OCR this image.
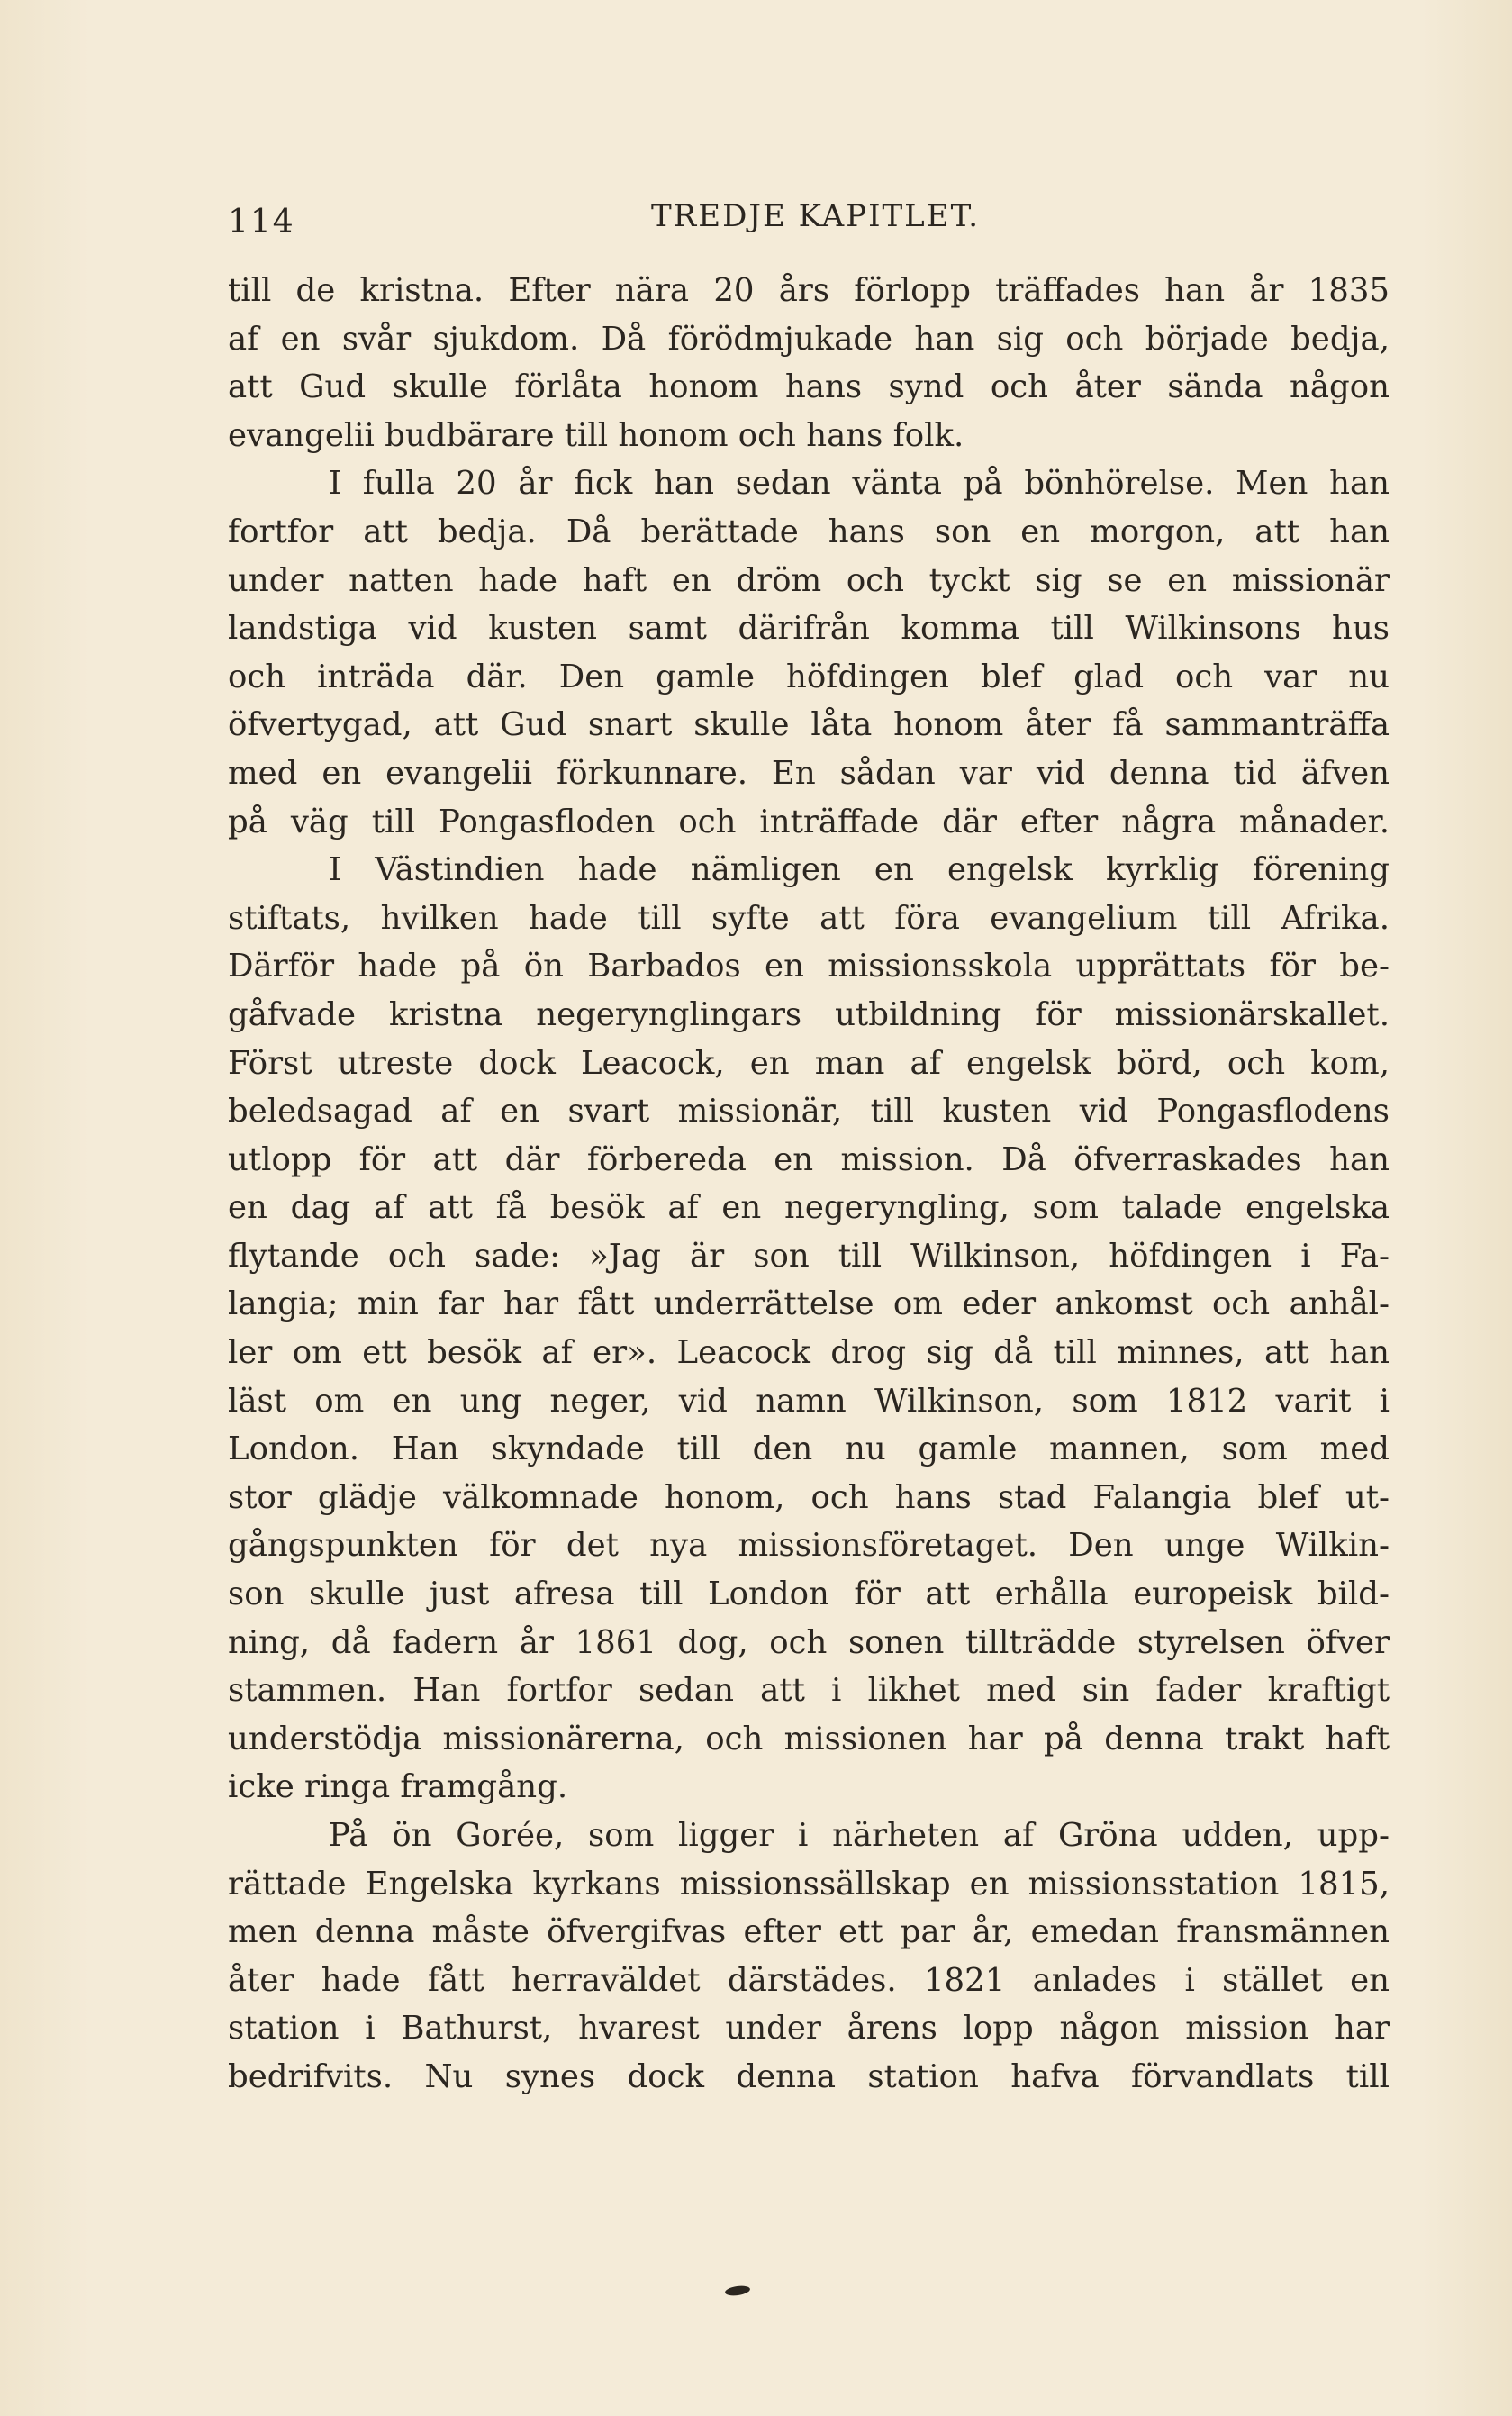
114	TREDJE KAPITLET.
till de kristna. Efter nära 20 års förlopp träffades han år 1835
af en svår sjukdom. Då förödmjukade han sig och började bedja,
att Gud skulle förlåta honom hans synd och åter sända någon
evangelii budbärare till honom och hans folk.
I fulla 20 år fick han sedan vänta på bönhörelse. Men han
fortfor att bedja. Då berättade hans son en morgon, att han
under natten hade haft en dröm och tyckt sig se en missionär
landstiga vid kusten samt därifrån komma till Wilkinsons hus
och inträda där. Den gamle höfdingen blef glad och var nu
öfvertygad, att Gud snart skulle låta honom åter få sammanträffa
med en evangelii förkunnare. En sådan var vid denna tid äfven
på väg till Pongasfloden och inträffade där efter några månader.
I Västindien hade nämligen en engelsk kyrklig förening
stiftats, hvilken hade till syfte att föra evangelium till Afrika.
Därför hade på ön Barbados en missionsskola upprättats för be-
gåfvade kristna negerynglingars utbildning för missionärskallet.
Först utreste dock Leacock, en man af engelsk börd, och kom,
beledsagad af en svart missionär, till kusten vid Pongasflodens
utlopp för att där förbereda en mission. Då öfverraskades han
en dag af att få besök af en negeryngling, som talade engelska
flytande och sade: »Jag är son till Wilkinson, höfdingen i Fa-
langia; min far har fått underrättelse om eder ankomst och anhål-
ler om ett besök af er». Leacock drog sig då till minnes, att han
läst om en ung neger, vid namn Wilkinson, som 1812 varit i
London. Han skyndade till den nu gamle mannen, som med
stor glädje välkomnade honom, och hans stad Falangia blef ut-
gångspunkten för det nya missionsföretaget. Den unge Wilkin-
son skulle just afresa till London för att erhålla europeisk bild-
ning, då fadern år 1861 dog, och sonen tillträdde styrelsen öfver
stammen. Han fortfor sedan att i likhet med sin fader kraftigt
understödja missionärerna, och missionen har på denna trakt haft
icke ringa framgång.
På ön Gorée, som ligger i närheten af Gröna udden, upp-
rättade Engelska kyrkans missionssällskap en missionsstation 1815,
men denna måste öfvergifvas efter ett par år, emedan fransmännen
åter hade fått herraväldet därstädes. 1821 anlades i stället en
station i Bathurst, hvarest under årens lopp någon mission har
bedrifvits. Nu synes dock denna station hafva förvandlats till
